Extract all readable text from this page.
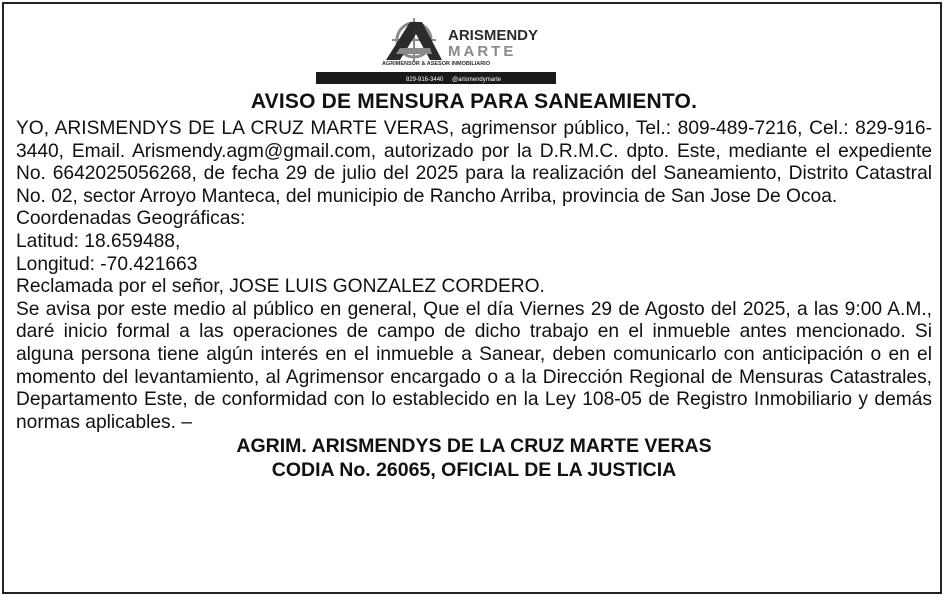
ARISMENDY
MARTE
AGRIMENSOR & ASESOR INMOBILIARIO
829-916-3440 @arismendymarte
AVISO DE MENSURA PARA SANEAMIENTO.

YO, ARISMENDYS DE LA CRUZ MARTE VERAS, agrimensor público, Tel.: 809-489-7216, Cel.: 829-916-3440, Email. Arismendy.agm@gmail.com, autorizado por la D.R.M.C. dpto. Este, mediante el expediente No. 6642025056268, de fecha 29 de julio del 2025 para la realización del Saneamiento, Distrito Catastral No. 02, sector Arroyo Manteca, del municipio de Rancho Arriba, provincia de San Jose De Ocoa.

Coordenadas Geográficas:

Latitud: 18.659488,

Longitud: -70.421663

Reclamada por el señor, JOSE LUIS GONZALEZ CORDERO.

Se avisa por este medio al público en general, Que el día Viernes 29 de Agosto del 2025, a las 9:00 A.M., daré inicio formal a las operaciones de campo de dicho trabajo en el inmueble antes mencionado. Si alguna persona tiene algún interés en el inmueble a Sanear, deben comunicarlo con anticipación o en el momento del levantamiento, al Agrimensor encargado o a la Dirección Regional de Mensuras Catastrales, Departamento Este, de conformidad con lo establecido en la Ley 108-05 de Registro Inmobiliario y demás normas aplicables. –

AGRIM. ARISMENDYS DE LA CRUZ MARTE VERAS

CODIA No. 26065, OFICIAL DE LA JUSTICIA
